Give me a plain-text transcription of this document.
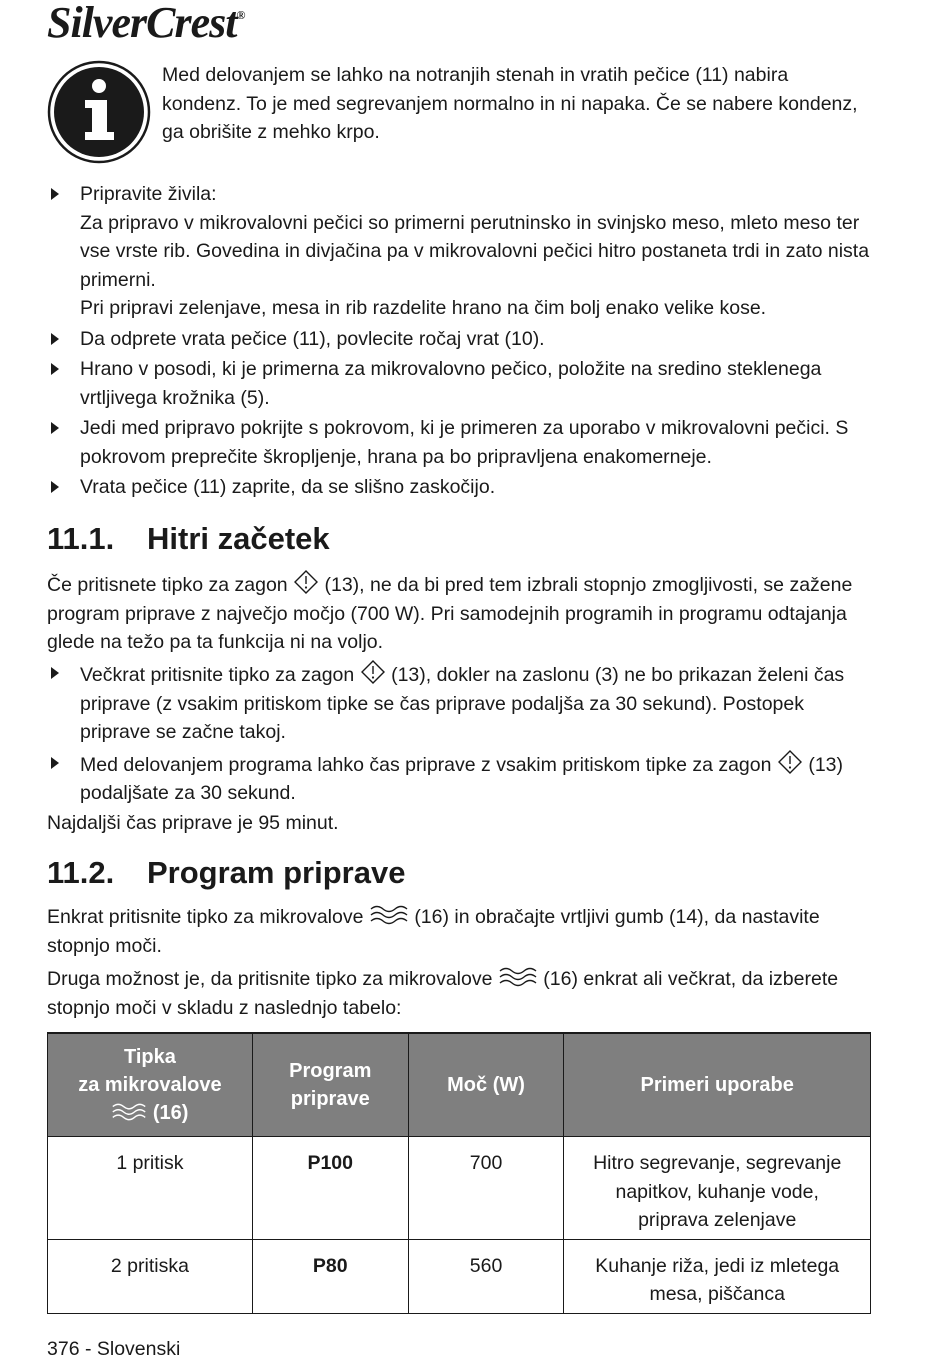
SilverCrest®
Med delovanjem se lahko na notranjih stenah in vratih pečice (11) nabira kondenz. To je med segrevanjem normalno in ni napaka. Če se nabere kondenz, ga obrišite z mehko krpo.
Pripravite živila:
Za pripravo v mikrovalovni pečici so primerni perutninsko in svinjsko meso, mleto meso ter vse vrste rib. Govedina in divjačina pa v mikrovalovni pečici hitro postaneta trdi in zato nista primerni.
Pri pripravi zelenjave, mesa in rib razdelite hrano na čim bolj enako velike kose.
Da odprete vrata pečice (11), povlecite ročaj vrat (10).
Hrano v posodi, ki je primerna za mikrovalovno pečico, položite na sredino steklenega vrtljivega krožnika (5).
Jedi med pripravo pokrijte s pokrovom, ki je primeren za uporabo v mikrovalovni pečici. S pokrovom preprečite škropljenje, hrana pa bo pripravljena enakomerneje.
Vrata pečice (11) zaprite, da se slišno zaskočijo.
11.1. Hitri začetek
Če pritisnete tipko za zagon (13), ne da bi pred tem izbrali stopnjo zmogljivosti, se zažene program priprave z največjo močjo (700 W). Pri samodejnih programih in programu odtajanja glede na težo pa ta funkcija ni na voljo.
Večkrat pritisnite tipko za zagon (13), dokler na zaslonu (3) ne bo prikazan želeni čas priprave (z vsakim pritiskom tipke se čas priprave podaljša za 30 sekund). Postopek priprave se začne takoj.
Med delovanjem programa lahko čas priprave z vsakim pritiskom tipke za zagon (13) podaljšate za 30 sekund.
Najdaljši čas priprave je 95 minut.
11.2. Program priprave
Enkrat pritisnite tipko za mikrovalove	(16) in obračajte vrtljivi gumb (14), da nastavite stopnjo moči.
Druga možnost je, da pritisnite tipko za mikrovalove	(16) enkrat ali večkrat, da izberete stopnjo moči v skladu z naslednjo tabelo:
Tipka
za mikrovalove
(16)	Program priprave	Moč (W)	Primeri uporabe
1 pritisk	P100	700	Hitro segrevanje, segrevanje napitkov, kuhanje vode, priprava zelenjave
2 pritiska	P80	560	Kuhanje riža, jedi iz mletega mesa, piščanca
376 - Slovenski
